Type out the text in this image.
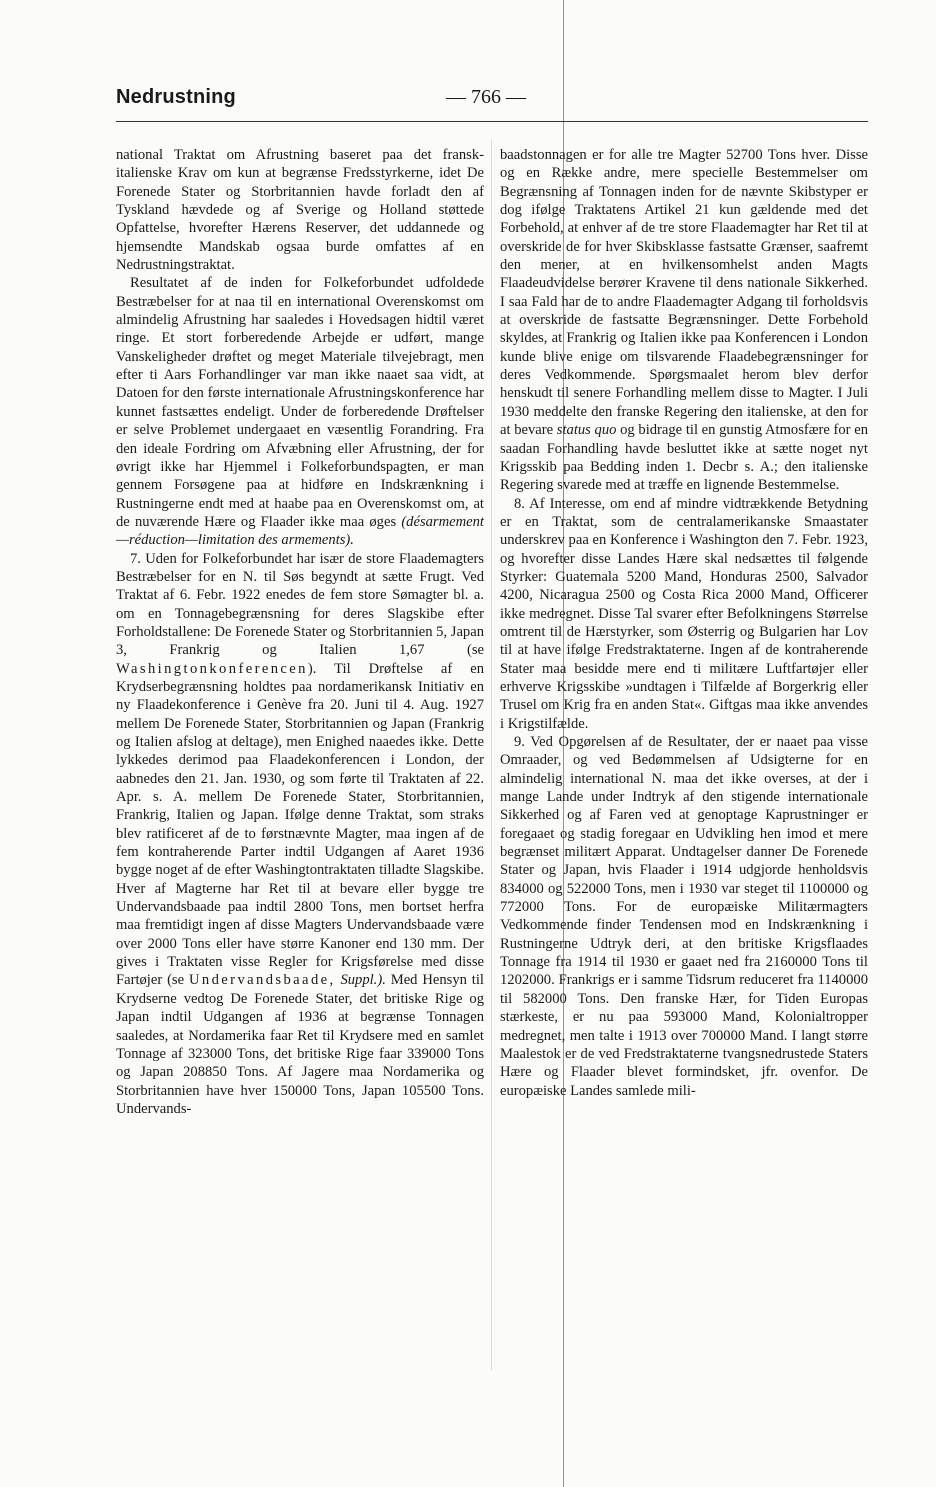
Nedrustning	— 766 —

national Traktat om Afrustning baseret paa det fransk-italienske Krav om kun at begrænse Fredsstyrkerne, idet De Forenede Stater og Storbritannien havde forladt den af Tyskland hævdede og af Sverige og Holland støttede Opfattelse, hvorefter Hærens Reserver, det uddannede og hjemsendte Mandskab ogsaa burde omfattes af en Nedrustningstraktat.

Resultatet af de inden for Folkeforbundet udfoldede Bestræbelser for at naa til en international Overenskomst om almindelig Afrustning har saaledes i Hovedsagen hidtil været ringe. Et stort forberedende Arbejde er udført, mange Vanskeligheder drøftet og meget Materiale tilvejebragt, men efter ti Aars Forhandlinger var man ikke naaet saa vidt, at Datoen for den første internationale Afrustningskonference har kunnet fastsættes endeligt. Under de forberedende Drøftelser er selve Problemet undergaaet en væsentlig Forandring. Fra den ideale Fordring om Afvæbning eller Afrustning, der for øvrigt ikke har Hjemmel i Folkeforbundspagten, er man gennem Forsøgene paa at hidføre en Indskrænkning i Rustningerne endt med at haabe paa en Overenskomst om, at de nuværende Hære og Flaader ikke maa øges (désarmement—réduction—limitation des armements).

7. Uden for Folkeforbundet har især de store Flaademagters Bestræbelser for en N. til Søs begyndt at sætte Frugt. Ved Traktat af 6. Febr. 1922 enedes de fem store Sømagter bl. a. om en Tonnagebegrænsning for deres Slagskibe efter Forholdstallene: De Forenede Stater og Storbritannien 5, Japan 3, Frankrig og Italien 1,67 (se Washingtonkonferencen). Til Drøftelse af en Krydserbegrænsning holdtes paa nordamerikansk Initiativ en ny Flaadekonference i Genève fra 20. Juni til 4. Aug. 1927 mellem De Forenede Stater, Storbritannien og Japan (Frankrig og Italien afslog at deltage), men Enighed naaedes ikke. Dette lykkedes derimod paa Flaadekonferencen i London, der aabnedes den 21. Jan. 1930, og som førte til Traktaten af 22. Apr. s. A. mellem De Forenede Stater, Storbritannien, Frankrig, Italien og Japan. Ifølge denne Traktat, som straks blev ratificeret af de to førstnævnte Magter, maa ingen af de fem kontraherende Parter indtil Udgangen af Aaret 1936 bygge noget af de efter Washingtontraktaten tilladte Slagskibe. Hver af Magterne har Ret til at bevare eller bygge tre Undervandsbaade paa indtil 2800 Tons, men bortset herfra maa fremtidigt ingen af disse Magters Undervandsbaade være over 2000 Tons eller have større Kanoner end 130 mm. Der gives i Traktaten visse Regler for Krigsførelse med disse Fartøjer (se Undervandsbaade, Suppl.). Med Hensyn til Krydserne vedtog De Forenede Stater, det britiske Rige og Japan indtil Udgangen af 1936 at begrænse Tonnagen saaledes, at Nordamerika faar Ret til Krydsere med en samlet Tonnage af 323000 Tons, det britiske Rige faar 339000 Tons og Japan 208850 Tons. Af Jagere maa Nordamerika og Storbritannien have hver 150000 Tons, Japan 105500 Tons. Undervands-

baadstonnagen er for alle tre Magter 52700 Tons hver. Disse og en Række andre, mere specielle Bestemmelser om Begrænsning af Tonnagen inden for de nævnte Skibstyper er dog ifølge Traktatens Artikel 21 kun gældende med det Forbehold, at enhver af de tre store Flaademagter har Ret til at overskride de for hver Skibsklasse fastsatte Grænser, saafremt den mener, at en hvilkensomhelst anden Magts Flaadeudvidelse berører Kravene til dens nationale Sikkerhed. I saa Fald har de to andre Flaademagter Adgang til forholdsvis at overskride de fastsatte Begrænsninger. Dette Forbehold skyldes, at Frankrig og Italien ikke paa Konferencen i London kunde blive enige om tilsvarende Flaadebegrænsninger for deres Vedkommende. Spørgsmaalet herom blev derfor henskudt til senere Forhandling mellem disse to Magter. I Juli 1930 meddelte den franske Regering den italienske, at den for at bevare status quo og bidrage til en gunstig Atmosfære for en saadan Forhandling havde besluttet ikke at sætte noget nyt Krigsskib paa Bedding inden 1. Decbr s. A.; den italienske Regering svarede med at træffe en lignende Bestemmelse.

8. Af Interesse, om end af mindre vidtrækkende Betydning er en Traktat, som de centralamerikanske Smaastater underskrev paa en Konference i Washington den 7. Febr. 1923, og hvorefter disse Landes Hære skal nedsættes til følgende Styrker: Guatemala 5200 Mand, Honduras 2500, Salvador 4200, Nicaragua 2500 og Costa Rica 2000 Mand, Officerer ikke medregnet. Disse Tal svarer efter Befolkningens Størrelse omtrent til de Hærstyrker, som Østerrig og Bulgarien har Lov til at have ifølge Fredstraktaterne. Ingen af de kontraherende Stater maa besidde mere end ti militære Luftfartøjer eller erhverve Krigsskibe »undtagen i Tilfælde af Borgerkrig eller Trusel om Krig fra en anden Stat«. Giftgas maa ikke anvendes i Krigstilfælde.

9. Ved Opgørelsen af de Resultater, der er naaet paa visse Omraader, og ved Bedømmelsen af Udsigterne for en almindelig international N. maa det ikke overses, at der i mange Lande under Indtryk af den stigende internationale Sikkerhed og af Faren ved at genoptage Kaprustninger er foregaaet og stadig foregaar en Udvikling hen imod et mere begrænset militært Apparat. Undtagelser danner De Forenede Stater og Japan, hvis Flaader i 1914 udgjorde henholdsvis 834000 og 522000 Tons, men i 1930 var steget til 1100000 og 772000 Tons. For de europæiske Militærmagters Vedkommende finder Tendensen mod en Indskrænkning i Rustningerne Udtryk deri, at den britiske Krigsflaades Tonnage fra 1914 til 1930 er gaaet ned fra 2160000 Tons til 1202000. Frankrigs er i samme Tidsrum reduceret fra 1140000 til 582000 Tons. Den franske Hær, for Tiden Europas stærkeste, er nu paa 593000 Mand, Kolonialtropper medregnet, men talte i 1913 over 700000 Mand. I langt større Maalestok er de ved Fredstraktaterne tvangsnedrustede Staters Hære og Flaader blevet formindsket, jfr. ovenfor. De europæiske Landes samlede mili-
